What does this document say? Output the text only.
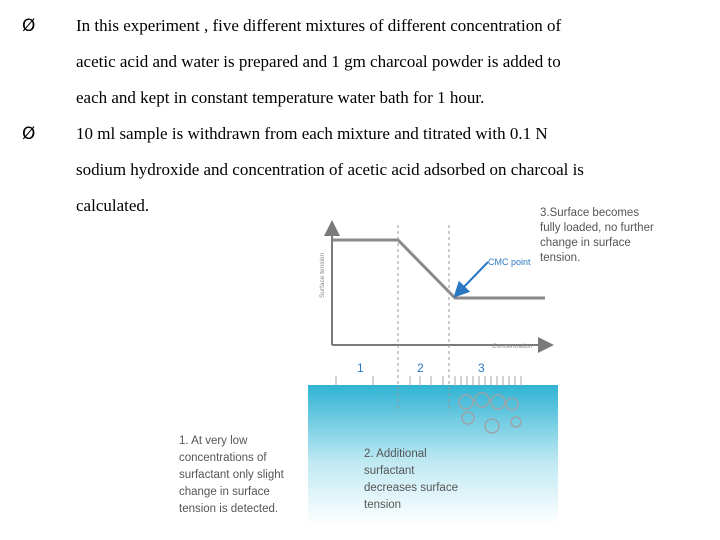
Ø In this experiment , five different mixtures of different concentration of
acetic acid and water is prepared and 1 gm charcoal powder is added to
each and kept in constant temperature water bath for 1 hour.
Ø 10 ml sample is withdrawn from each mixture and titrated with 0.1 N
sodium hydroxide and concentration of acetic acid adsorbed on charcoal is
calculated.
CMC point
Surface tension
Concentration
1	2	3
3.Surface becomes fully loaded, no further change in surface tension.
1. At very low concentrations of surfactant only slight change in surface tension is detected.
2. Additional surfactant decreases surface tension
